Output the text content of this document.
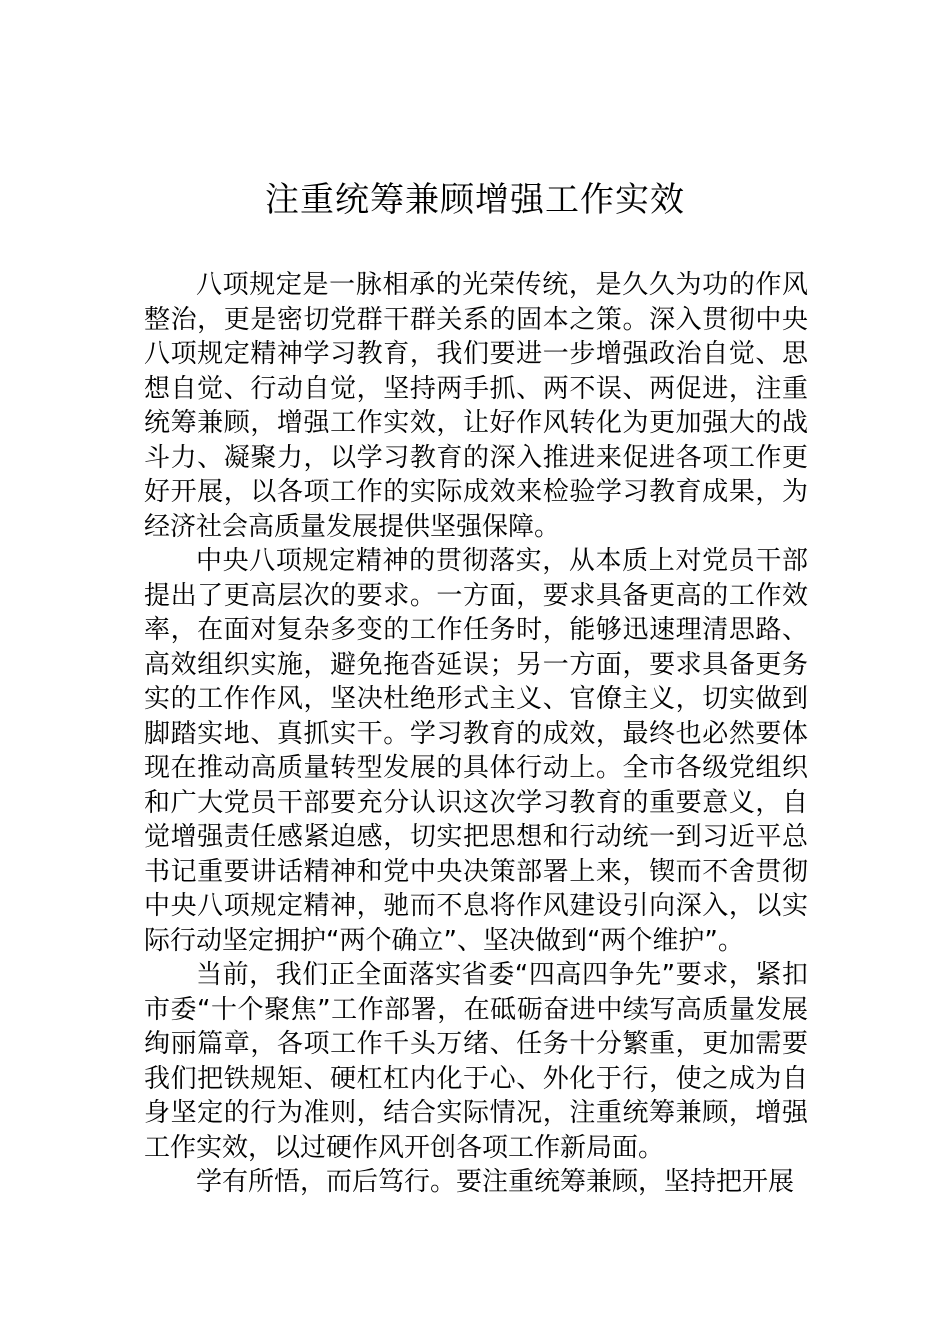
注重统筹兼顾增强工作实效

八项规定是一脉相承的光荣传统，是久久为功的作风整治，更是密切党群干群关系的固本之策。深入贯彻中央八项规定精神学习教育，我们要进一步增强政治自觉、思想自觉、行动自觉，坚持两手抓、两不误、两促进，注重统筹兼顾，增强工作实效，让好作风转化为更加强大的战斗力、凝聚力，以学习教育的深入推进来促进各项工作更好开展，以各项工作的实际成效来检验学习教育成果，为经济社会高质量发展提供坚强保障。

中央八项规定精神的贯彻落实，从本质上对党员干部提出了更高层次的要求。一方面，要求具备更高的工作效率，在面对复杂多变的工作任务时，能够迅速理清思路、高效组织实施，避免拖沓延误；另一方面，要求具备更务实的工作作风，坚决杜绝形式主义、官僚主义，切实做到脚踏实地、真抓实干。学习教育的成效，最终也必然要体现在推动高质量转型发展的具体行动上。全市各级党组织和广大党员干部要充分认识这次学习教育的重要意义，自觉增强责任感紧迫感，切实把思想和行动统一到习近平总书记重要讲话精神和党中央决策部署上来，锲而不舍贯彻中央八项规定精神，驰而不息将作风建设引向深入，以实际行动坚定拥护“两个确立”、坚决做到“两个维护”。

当前，我们正全面落实省委“四高四争先”要求，紧扣市委“十个聚焦”工作部署，在砥砺奋进中续写高质量发展绚丽篇章，各项工作千头万绪、任务十分繁重，更加需要我们把铁规矩、硬杠杠内化于心、外化于行，使之成为自身坚定的行为准则，结合实际情况，注重统筹兼顾，增强工作实效，以过硬作风开创各项工作新局面。

学有所悟，而后笃行。要注重统筹兼顾，坚持把开展
